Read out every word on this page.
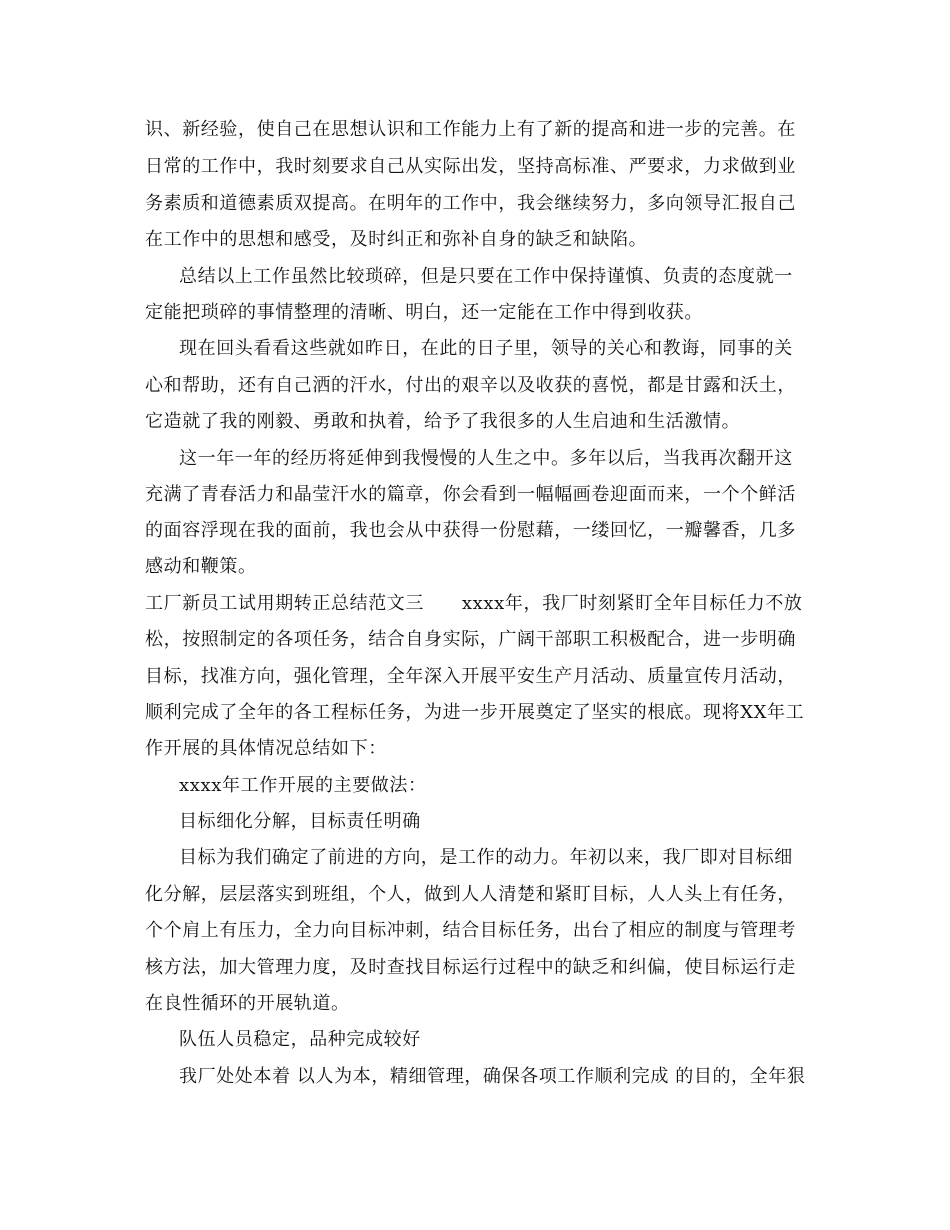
识、新经验，使自己在思想认识和工作能力上有了新的提高和进一步的完善。在
日常的工作中，我时刻要求自己从实际出发，坚持高标准、严要求，力求做到业
务素质和道德素质双提高。在明年的工作中，我会继续努力，多向领导汇报自己
在工作中的思想和感受，及时纠正和弥补自身的缺乏和缺陷。
总结以上工作虽然比较琐碎，但是只要在工作中保持谨慎、负责的态度就一
定能把琐碎的事情整理的清晰、明白，还一定能在工作中得到收获。
现在回头看看这些就如昨日，在此的日子里，领导的关心和教诲，同事的关
心和帮助，还有自己洒的汗水，付出的艰辛以及收获的喜悦，都是甘露和沃土，
它造就了我的刚毅、勇敢和执着，给予了我很多的人生启迪和生活激情。
这一年一年的经历将延伸到我慢慢的人生之中。多年以后，当我再次翻开这
充满了青春活力和晶莹汗水的篇章，你会看到一幅幅画卷迎面而来，一个个鲜活
的面容浮现在我的面前，我也会从中获得一份慰藉，一缕回忆，一瓣馨香，几多
感动和鞭策。
工厂新员工试用期转正总结范文三      xxxx年，我厂时刻紧盯全年目标任力不放
松，按照制定的各项任务，结合自身实际，广阔干部职工积极配合，进一步明确
目标，找准方向，强化管理，全年深入开展平安生产月活动、质量宣传月活动，
顺利完成了全年的各工程标任务，为进一步开展奠定了坚实的根底。现将XX年工
作开展的具体情况总结如下：
xxxx年工作开展的主要做法：
目标细化分解，目标责任明确
目标为我们确定了前进的方向，是工作的动力。年初以来，我厂即对目标细
化分解，层层落实到班组，个人，做到人人清楚和紧盯目标，人人头上有任务，
个个肩上有压力，全力向目标冲刺，结合目标任务，出台了相应的制度与管理考
核方法，加大管理力度，及时查找目标运行过程中的缺乏和纠偏，使目标运行走
在良性循环的开展轨道。
队伍人员稳定，品种完成较好
我厂处处本着 以人为本，精细管理，确保各项工作顺利完成 的目的，全年狠
